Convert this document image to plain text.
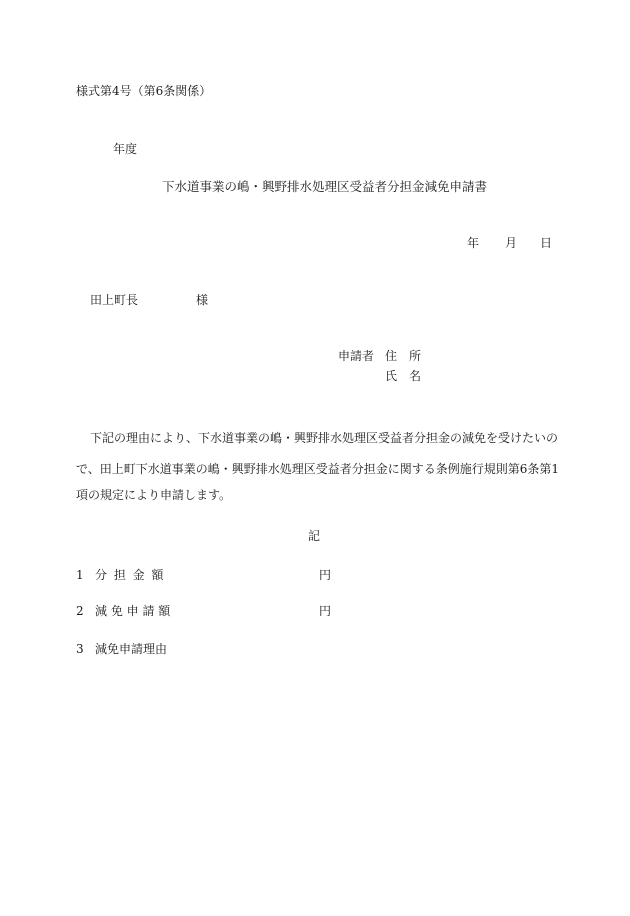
様式第4号（第6条関係）
年度
下水道事業の嶋・興野排水処理区受益者分担金減免申請書
年 月 日
田上町長	様
申請者 住　所
氏　名
下記の理由により、下水道事業の嶋・興野排水処理区受益者分担金の減免を受けたいの
で、田上町下水道事業の嶋・興野排水処理区受益者分担金に関する条例施行規則第6条第1
項の規定により申請します。
記
1 分 担 金 額	円
2 減 免 申 請 額	円
3 減免申請理由
